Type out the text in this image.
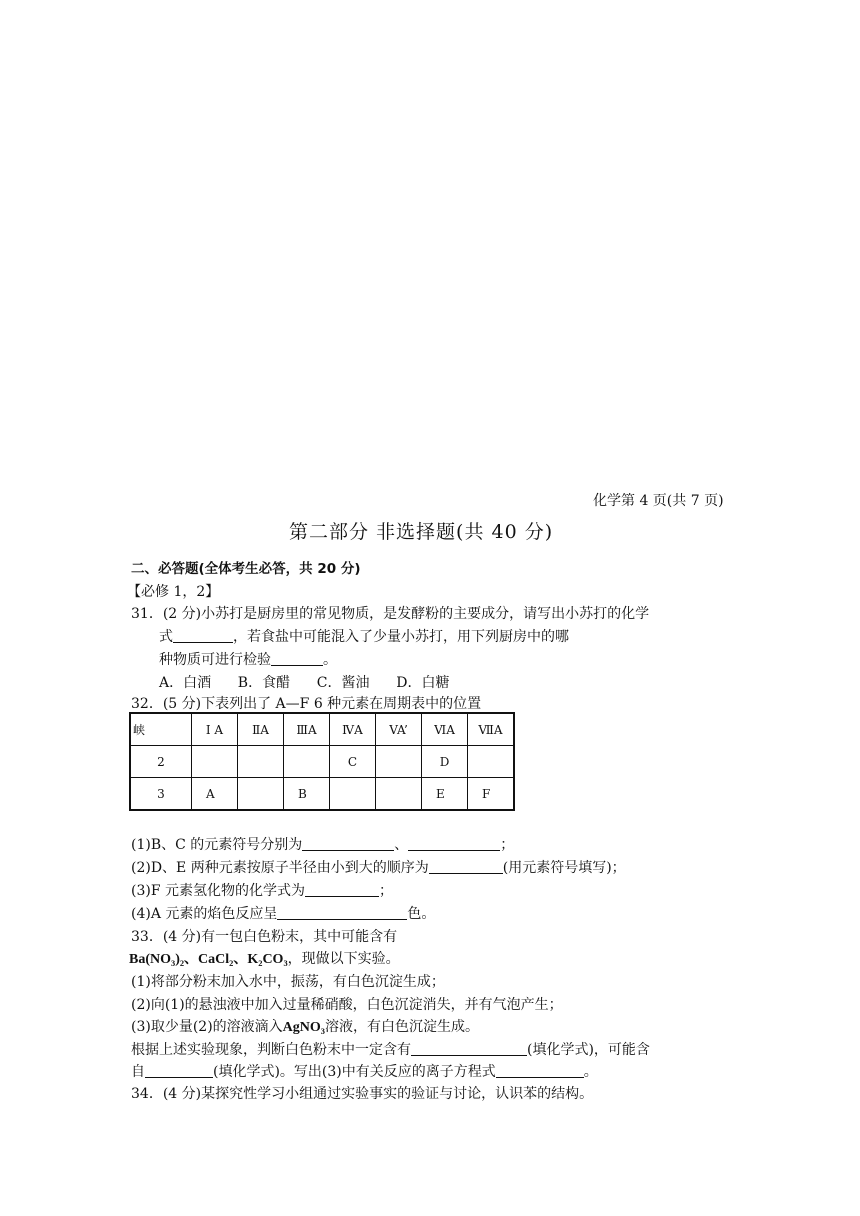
化学第 4 页(共 7 页)
第二部分 非选择题(共 40 分)
二、必答题(全体考生必答，共 20 分)
【必修 1，2】
31．(2 分)小苏打是厨房里的常见物质，是发酵粉的主要成分，请写出小苏打的化学
式	，若食盐中可能混入了少量小苏打，用下列厨房中的哪
种物质可进行检验	。
A．白酒      B．食醋      C．酱油      D．白糖
32．(5 分)下表列出了 A—F 6 种元素在周期表中的位置
峡	Ⅰ A	ⅡA	ⅢA	ⅣA	VA’	ⅥA	ⅦA
2				C		D	
3	A		B			E	F
(1)B、C 的元素符号分别为	、	；
(2)D、E 两种元素按原子半径由小到大的顺序为	(用元素符号填写)；
(3)F 元素氢化物的化学式为	；
(4)A 元素的焰色反应呈	色。
33．(4 分)有一包白色粉末，其中可能含有
Ba(NO₃)₂、CaCl₂、K₂CO₃，现做以下实验。
(1)将部分粉末加入水中，振荡，有白色沉淀生成；
(2)向(1)的悬浊液中加入过量稀硝酸，白色沉淀消失，并有气泡产生；
(3)取少量(2)的溶液滴入AgNO₃溶液，有白色沉淀生成。
根据上述实验现象，判断白色粉末中一定含有	(填化学式)，可能含
自	(填化学式)。写出(3)中有关反应的离子方程式	。
34．(4 分)某探究性学习小组通过实验事实的验证与讨论，认识苯的结构。
